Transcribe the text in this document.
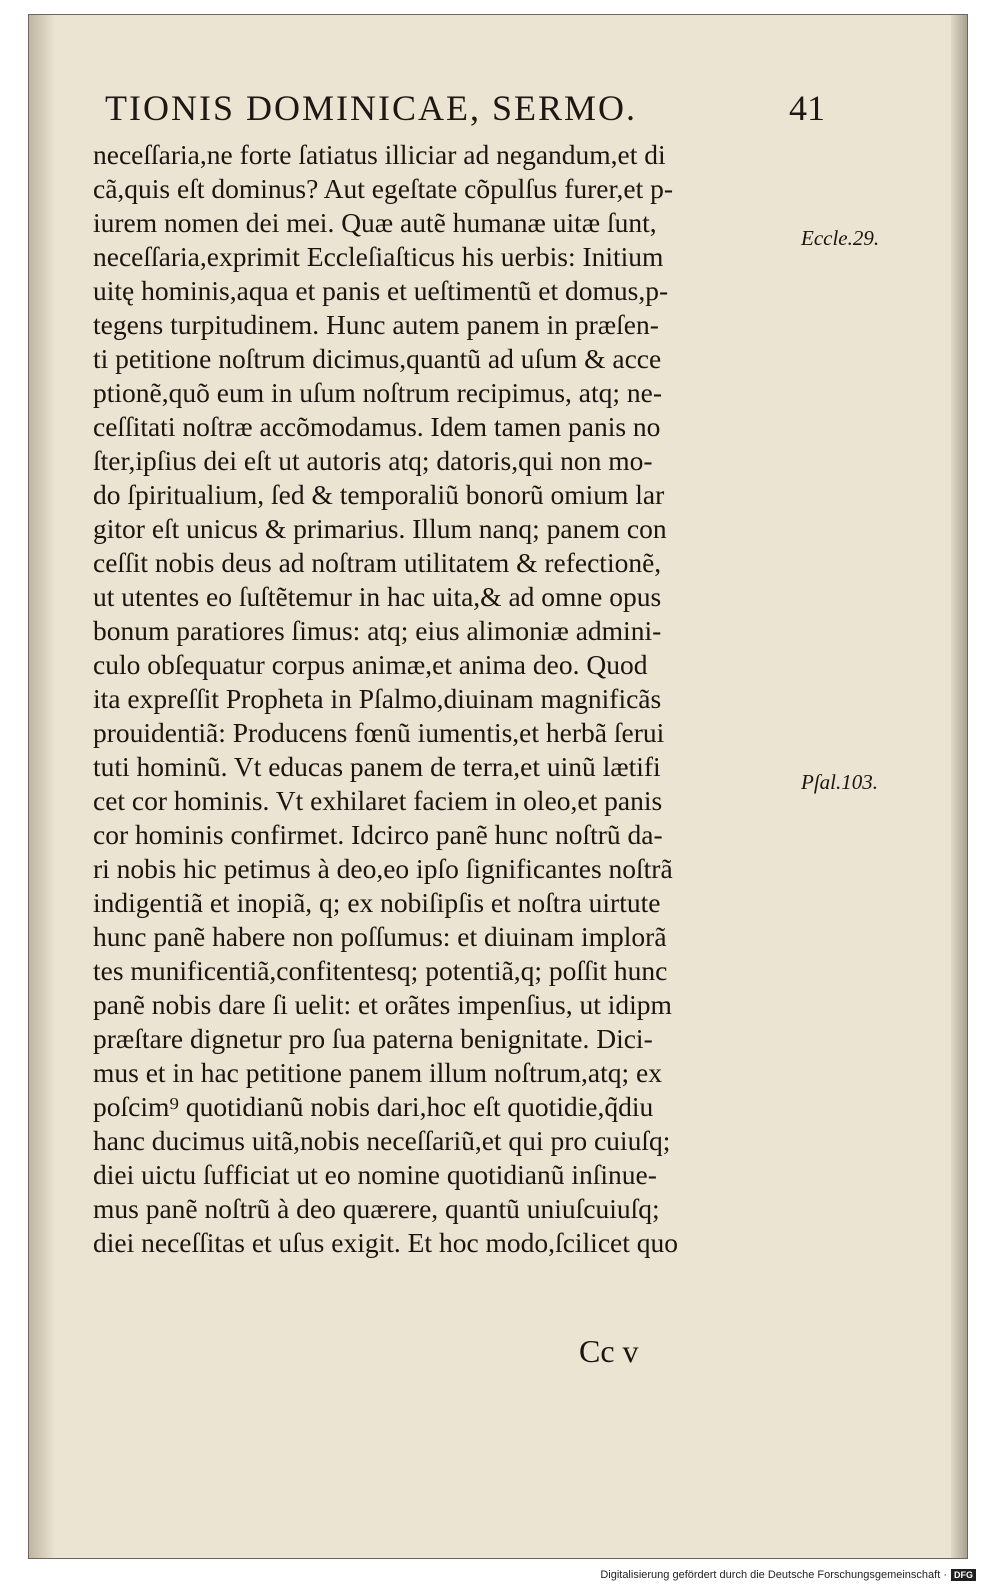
TIONIS DOMINICAE, SERMO.	41
neceſſaria,ne forte ſatiatus illiciar ad negandum,et di
cã,quis eſt dominus? Aut egeſtate cõpulſus furer,et p-
iurem nomen dei mei. Quæ autẽ humanæ uitæ ſunt,
neceſſaria,exprimit Eccleſiaſticus his uerbis: Initium
uitę hominis,aqua et panis et ueſtimentũ et domus,p-
tegens turpitudinem. Hunc autem panem in præſen-
ti petitione noſtrum dicimus,quantũ ad uſum & acce
ptionẽ,quõ eum in uſum noſtrum recipimus, atq; ne-
ceſſitati noſtræ accõmodamus. Idem tamen panis no
ſter,ipſius dei eſt ut autoris atq; datoris,qui non mo-
do ſpiritualium, ſed & temporaliũ bonorũ omium lar
gitor eſt unicus & primarius. Illum nanq; panem con
ceſſit nobis deus ad noſtram utilitatem & refectionẽ,
ut utentes eo ſuſtẽtemur in hac uita,& ad omne opus
bonum paratiores ſimus: atq; eius alimoniæ admini-
culo obſequatur corpus animæ,et anima deo. Quod
ita expreſſit Propheta in Pſalmo,diuinam magnificãs
prouidentiã: Producens fœnũ iumentis,et herbã ſerui
tuti hominũ. Vt educas panem de terra,et uinũ lætifi
cet cor hominis. Vt exhilaret faciem in oleo,et panis
cor hominis confirmet. Idcirco panẽ hunc noſtrũ da-
ri nobis hic petimus à deo,eo ipſo ſignificantes noſtrã
indigentiã et inopiã, q; ex nobiſipſis et noſtra uirtute
hunc panẽ habere non poſſumus: et diuinam implorã
tes munificentiã,confitentesq; potentiã,q; poſſit hunc
panẽ nobis dare ſi uelit: et orãtes impenſius, ut idipm
præſtare dignetur pro ſua paterna benignitate. Dici-
mus et in hac petitione panem illum noſtrum,atq; ex
poſcim⁹ quotidianũ nobis dari,hoc eſt quotidie,q̃diu
hanc ducimus uitã,nobis neceſſariũ,et qui pro cuiuſq;
diei uictu ſufficiat ut eo nomine quotidianũ inſinue-
mus panẽ noſtrũ à deo quærere, quantũ uniuſcuiuſq;
diei neceſſitas et uſus exigit. Et hoc modo,ſcilicet quo
Eccle.29.
Pſal.103.
Cc v
Digitalisierung gefördert durch die Deutsche Forschungsgemeinschaft · DFG
